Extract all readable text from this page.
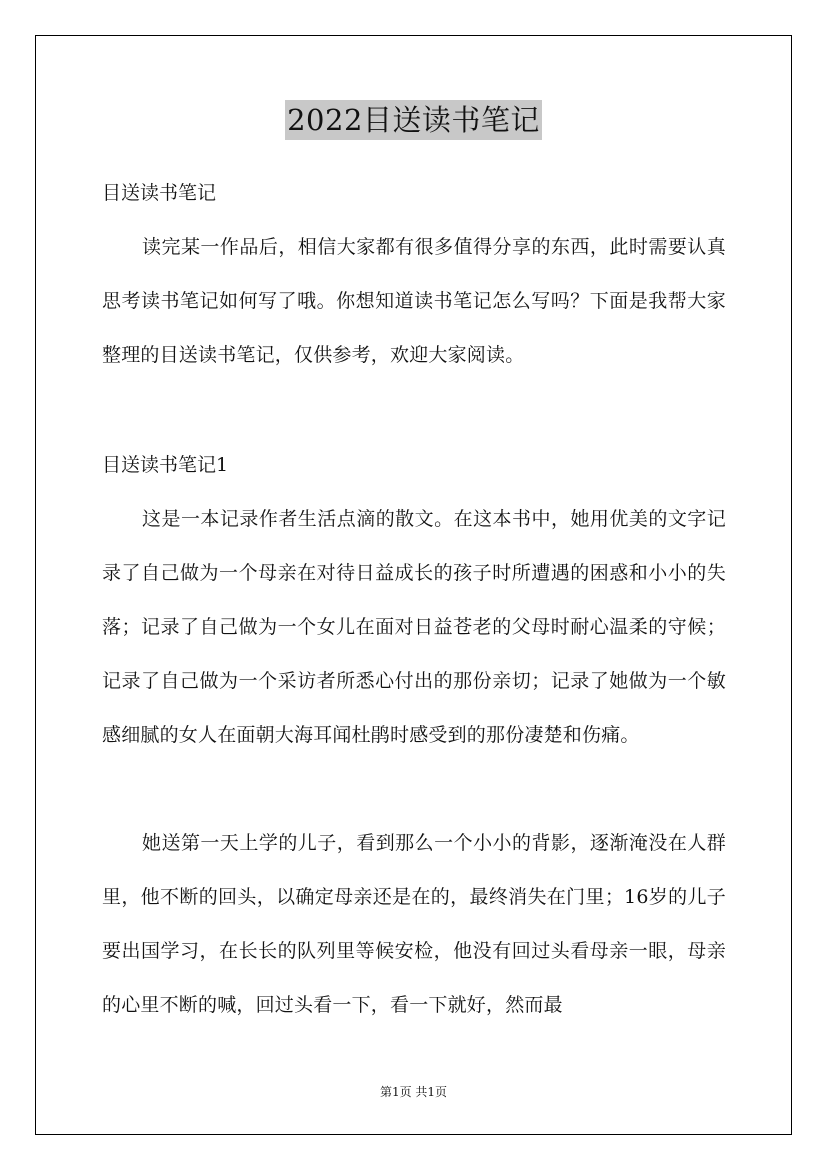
2022目送读书笔记
目送读书笔记

读完某一作品后，相信大家都有很多值得分享的东西，此时需要认真思考读书笔记如何写了哦。你想知道读书笔记怎么写吗？下面是我帮大家整理的目送读书笔记，仅供参考，欢迎大家阅读。

目送读书笔记1

这是一本记录作者生活点滴的散文。在这本书中，她用优美的文字记录了自己做为一个母亲在对待日益成长的孩子时所遭遇的困惑和小小的失落；记录了自己做为一个女儿在面对日益苍老的父母时耐心温柔的守候；记录了自己做为一个采访者所悉心付出的那份亲切；记录了她做为一个敏感细腻的女人在面朝大海耳闻杜鹃时感受到的那份凄楚和伤痛。

她送第一天上学的儿子，看到那么一个小小的背影，逐渐淹没在人群里，他不断的回头，以确定母亲还是在的，最终消失在门里；16岁的儿子要出国学习，在长长的队列里等候安检，他没有回过头看母亲一眼，母亲的心里不断的喊，回过头看一下，看一下就好，然而最

第1页 共1页
